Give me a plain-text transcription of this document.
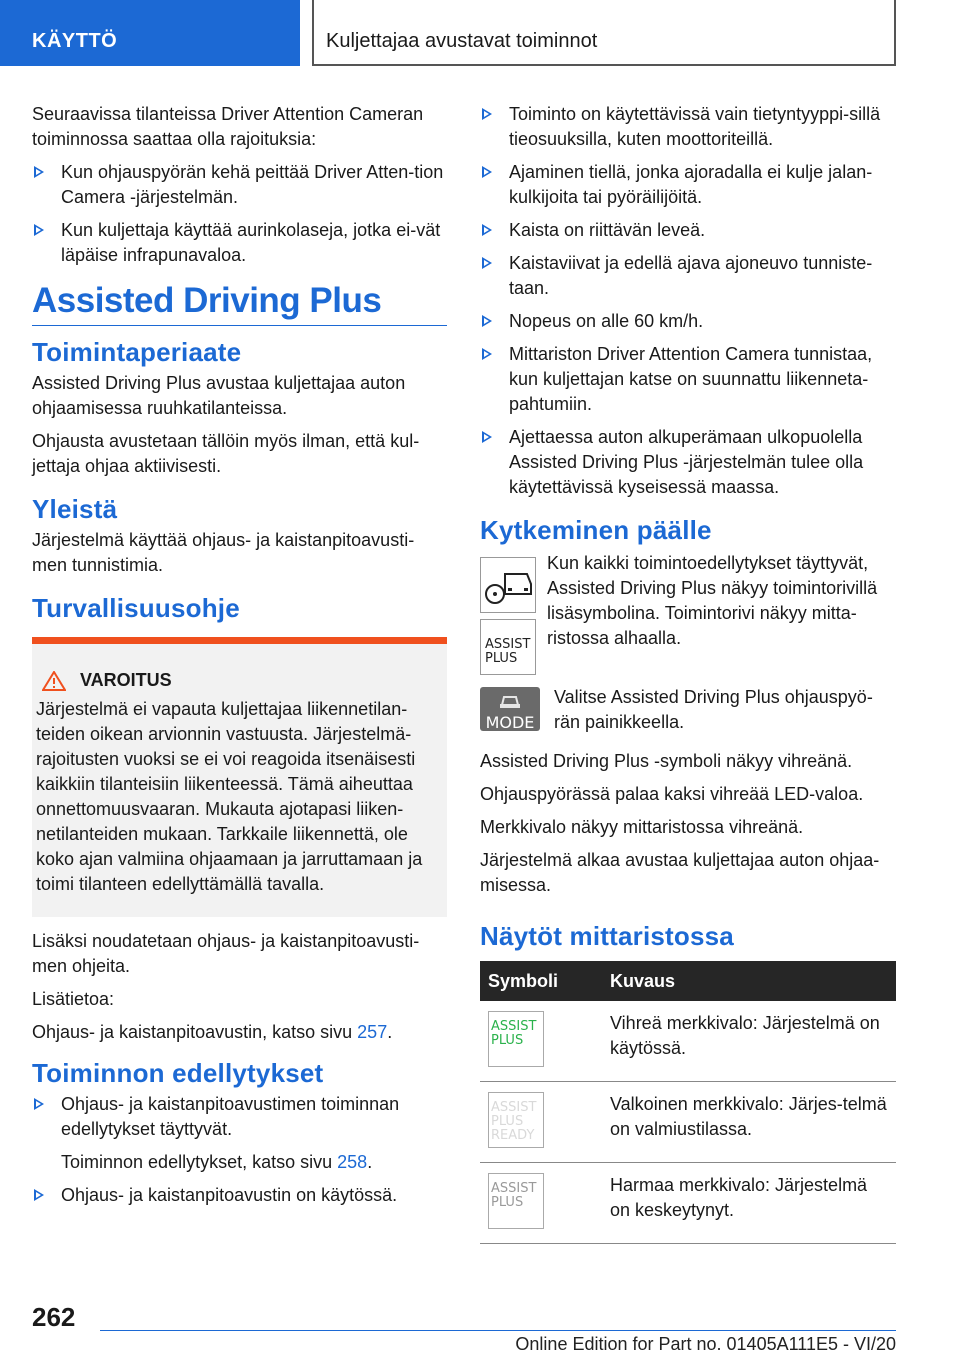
KÄYTTÖ	Kuljettajaa avustavat toiminnot

Seuraavissa tilanteissa Driver Attention Cameran toiminnossa saattaa olla rajoituksia:

Kun ohjauspyörän kehä peittää Driver Atten-tion Camera -järjestelmän.
Kun kuljettaja käyttää aurinkolaseja, jotka ei-vät läpäise infrapunavaloa.
Assisted Driving Plus
Toimintaperiaate

Assisted Driving Plus avustaa kuljettajaa auton ohjaamisessa ruuhkatilanteissa.

Ohjausta avustetaan tällöin myös ilman, että kul-jettaja ohjaa aktiivisesti.

Yleistä

Järjestelmä käyttää ohjaus- ja kaistanpitoavusti-men tunnistimia.

Turvallisuusohje
VAROITUS
Järjestelmä ei vapauta kuljettajaa liikennetilan-teiden oikean arvionnin vastuusta. Järjestelmä-rajoitusten vuoksi se ei voi reagoida itsenäisesti kaikkiin tilanteisiin liikenteessä. Tämä aiheuttaa onnettomuusvaaran. Mukauta ajotapasi liiken-netilanteiden mukaan. Tarkkaile liikennettä, ole koko ajan valmiina ohjaamaan ja jarruttamaan ja toimi tilanteen edellyttämällä tavalla.

Lisäksi noudatetaan ohjaus- ja kaistanpitoavusti-men ohjeita.

Lisätietoa:

Ohjaus- ja kaistanpitoavustin, katso sivu 257.

Toiminnon edellytykset
Ohjaus- ja kaistanpitoavustimen toiminnan edellytykset täyttyvät.
Toiminnon edellytykset, katso sivu 258.
Ohjaus- ja kaistanpitoavustin on käytössä.
Toiminto on käytettävissä vain tietyntyyppi-sillä tieosuuksilla, kuten moottoriteillä.
Ajaminen tiellä, jonka ajoradalla ei kulje jalan-kulkijoita tai pyöräilijöitä.
Kaista on riittävän leveä.
Kaistaviivat ja edellä ajava ajoneuvo tunniste-taan.
Nopeus on alle 60 km/h.
Mittariston Driver Attention Camera tunnistaa, kun kuljettajan katse on suunnattu liikenneta-pahtumiin.
Ajettaessa auton alkuperämaan ulkopuolella Assisted Driving Plus -järjestelmän tulee olla käytettävissä kyseisessä maassa.
Kytkeminen päälle
ASSIST
PLUS
Kun kaikki toimintoedellytykset täyttyvät, Assisted Driving Plus näkyy toimintorivillä lisäsymbolina. Toimintorivi näkyy mitta-ristossa alhaalla.
MODE
Valitse Assisted Driving Plus ohjauspyö-rän painikkeella.

Assisted Driving Plus -symboli näkyy vihreänä.

Ohjauspyörässä palaa kaksi vihreää LED-valoa.

Merkkivalo näkyy mittaristossa vihreänä.

Järjestelmä alkaa avustaa kuljettajaa auton ohjaa-misessa.

Näytöt mittaristossa
Symboli	Kuvaus

ASSIST
PLUS	Vihreä merkkivalo: Järjestelmä on käytössä.

ASSIST
PLUS
READY	Valkoinen merkkivalo: Järjes-telmä on valmiustilassa.

ASSIST
PLUS	Harmaa merkkivalo: Järjestelmä on keskeytynyt.
262
Online Edition for Part no. 01405A111E5 - VI/20
